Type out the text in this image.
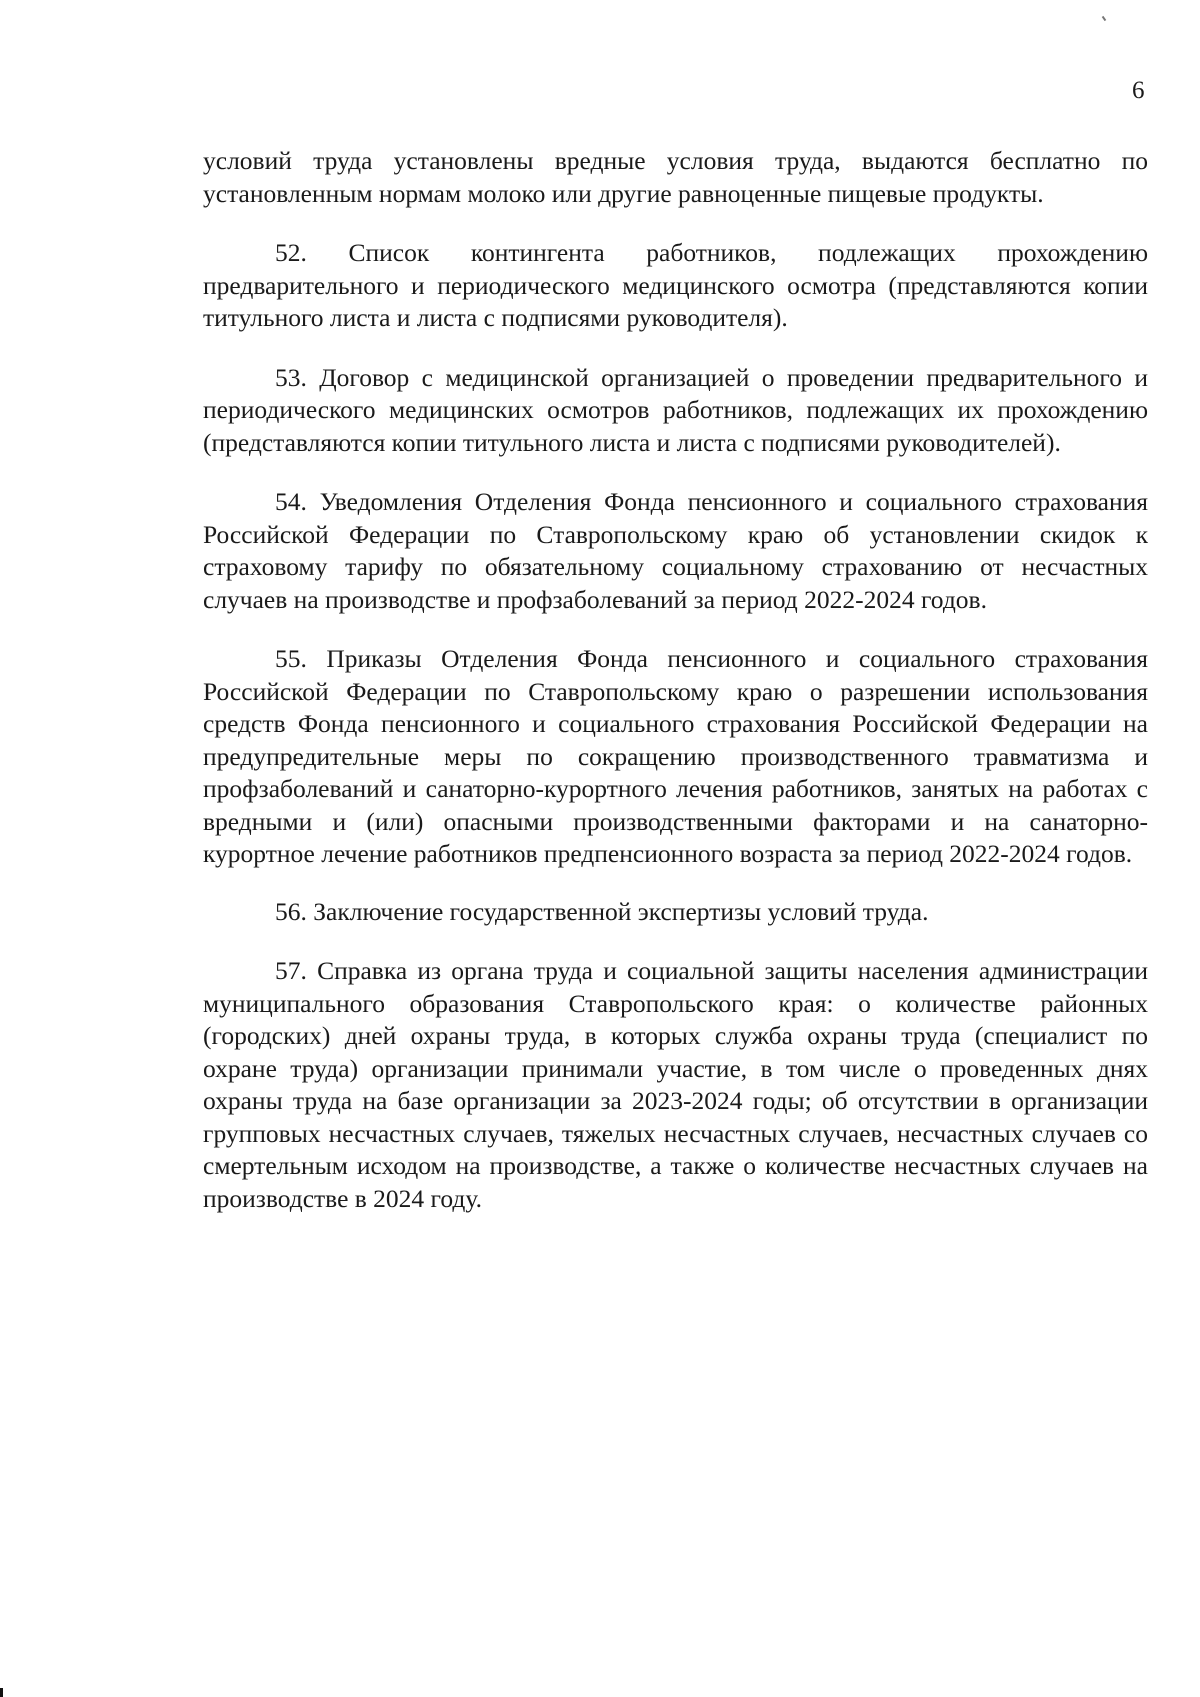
6

условий труда установлены вредные условия труда, выдаются бесплатно по установленным нормам молоко или другие равноценные пищевые продукты.

52. Список контингента работников, подлежащих прохождению предварительного и периодического медицинского осмотра (представляются копии титульного листа и листа с подписями руководителя).

53. Договор с медицинской организацией о проведении предварительного и периодического медицинских осмотров работников, подлежащих их прохождению (представляются копии титульного листа и листа с подписями руководителей).

54. Уведомления Отделения Фонда пенсионного и социального страхования Российской Федерации по Ставропольскому краю об установлении скидок к страховому тарифу по обязательному социальному страхованию от несчастных случаев на производстве и профзаболеваний за период 2022-2024 годов.

55. Приказы Отделения Фонда пенсионного и социального страхования Российской Федерации по Ставропольскому краю о разрешении использования средств Фонда пенсионного и социального страхования Российской Федерации на предупредительные меры по сокращению производственного травматизма и профзаболеваний и санаторно-курортного лечения работников, занятых на работах с вредными и (или) опасными производственными факторами и на санаторно-курортное лечение работников предпенсионного возраста за период 2022-2024 годов.

56. Заключение государственной экспертизы условий труда.

57. Справка из органа труда и социальной защиты населения администрации муниципального образования Ставропольского края: о количестве районных (городских) дней охраны труда, в которых служба охраны труда (специалист по охране труда) организации принимали участие, в том числе о проведенных днях охраны труда на базе организации за 2023-2024 годы; об отсутствии в организации групповых несчастных случаев, тяжелых несчастных случаев, несчастных случаев со смертельным исходом на производстве, а также о количестве несчастных случаев на производстве в 2024 году.
